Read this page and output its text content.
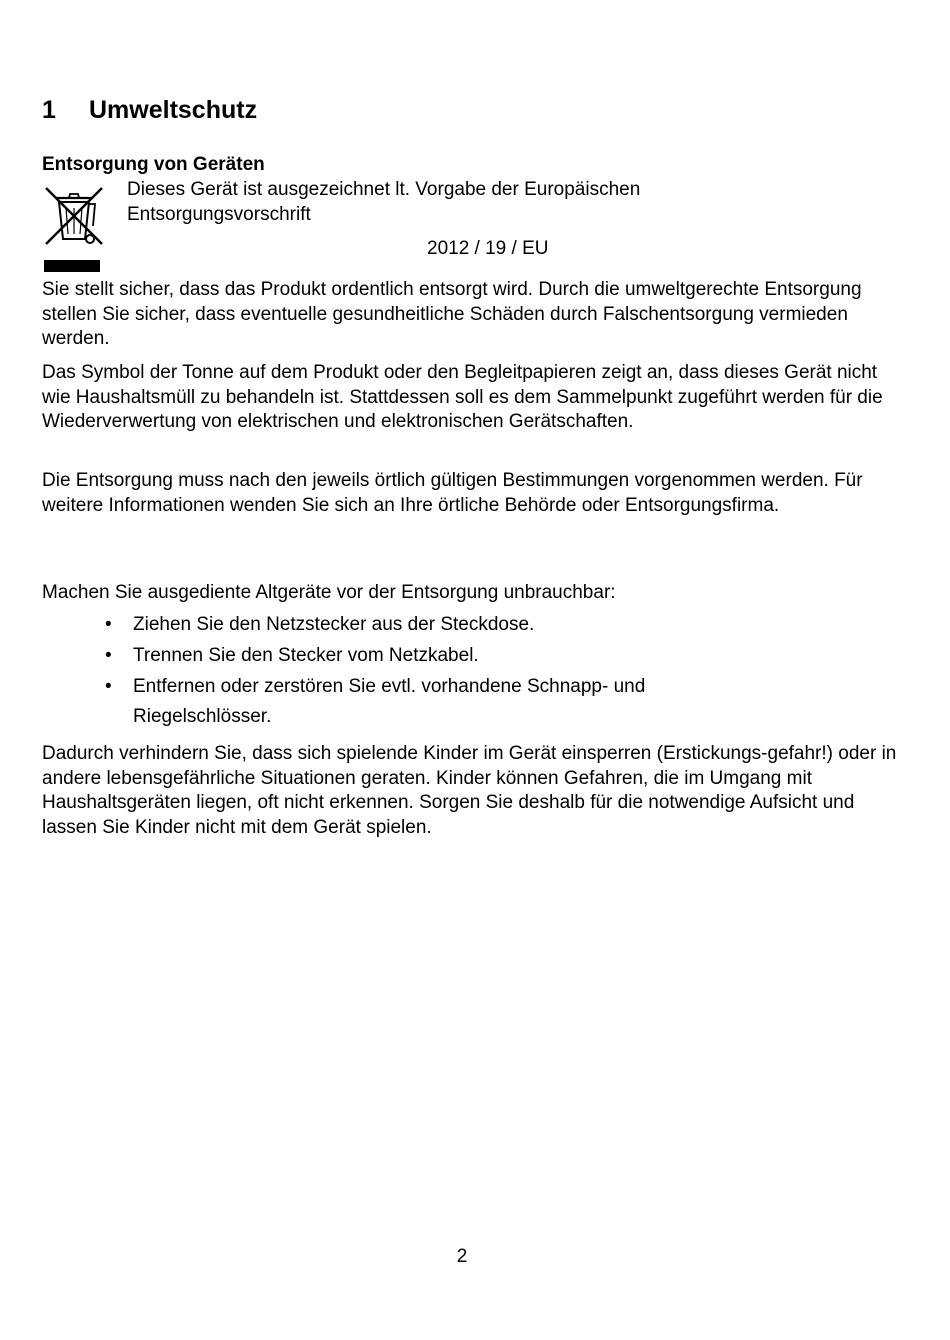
1 Umweltschutz
Entsorgung von Geräten
Dieses Gerät ist ausgezeichnet lt. Vorgabe der Europäischen Entsorgungsvorschrift
2012 / 19 / EU

Sie stellt sicher, dass das Produkt ordentlich entsorgt wird. Durch die umweltgerechte Entsorgung stellen Sie sicher, dass eventuelle gesundheitliche Schäden durch Falschentsorgung vermieden werden.

Das Symbol der Tonne auf dem Produkt oder den Begleitpapieren zeigt an, dass dieses Gerät nicht wie Haushaltsmüll zu behandeln ist. Stattdessen soll es dem Sammelpunkt zugeführt werden für die Wiederverwertung von elektrischen und elektronischen Gerätschaften.

Die Entsorgung muss nach den jeweils örtlich gültigen Bestimmungen vorgenommen werden. Für weitere Informationen wenden Sie sich an Ihre örtliche Behörde oder Entsorgungsfirma.

Machen Sie ausgediente Altgeräte vor der Entsorgung unbrauchbar:

• Ziehen Sie den Netzstecker aus der Steckdose.
• Trennen Sie den Stecker vom Netzkabel.
• Entfernen oder zerstören Sie evtl. vorhandene Schnapp- und Riegelschlösser.

Dadurch verhindern Sie, dass sich spielende Kinder im Gerät einsperren (Erstickungs-gefahr!) oder in andere lebensgefährliche Situationen geraten. Kinder können Gefahren, die im Umgang mit Haushaltsgeräten liegen, oft nicht erkennen. Sorgen Sie deshalb für die notwendige Aufsicht und lassen Sie Kinder nicht mit dem Gerät spielen.

2
